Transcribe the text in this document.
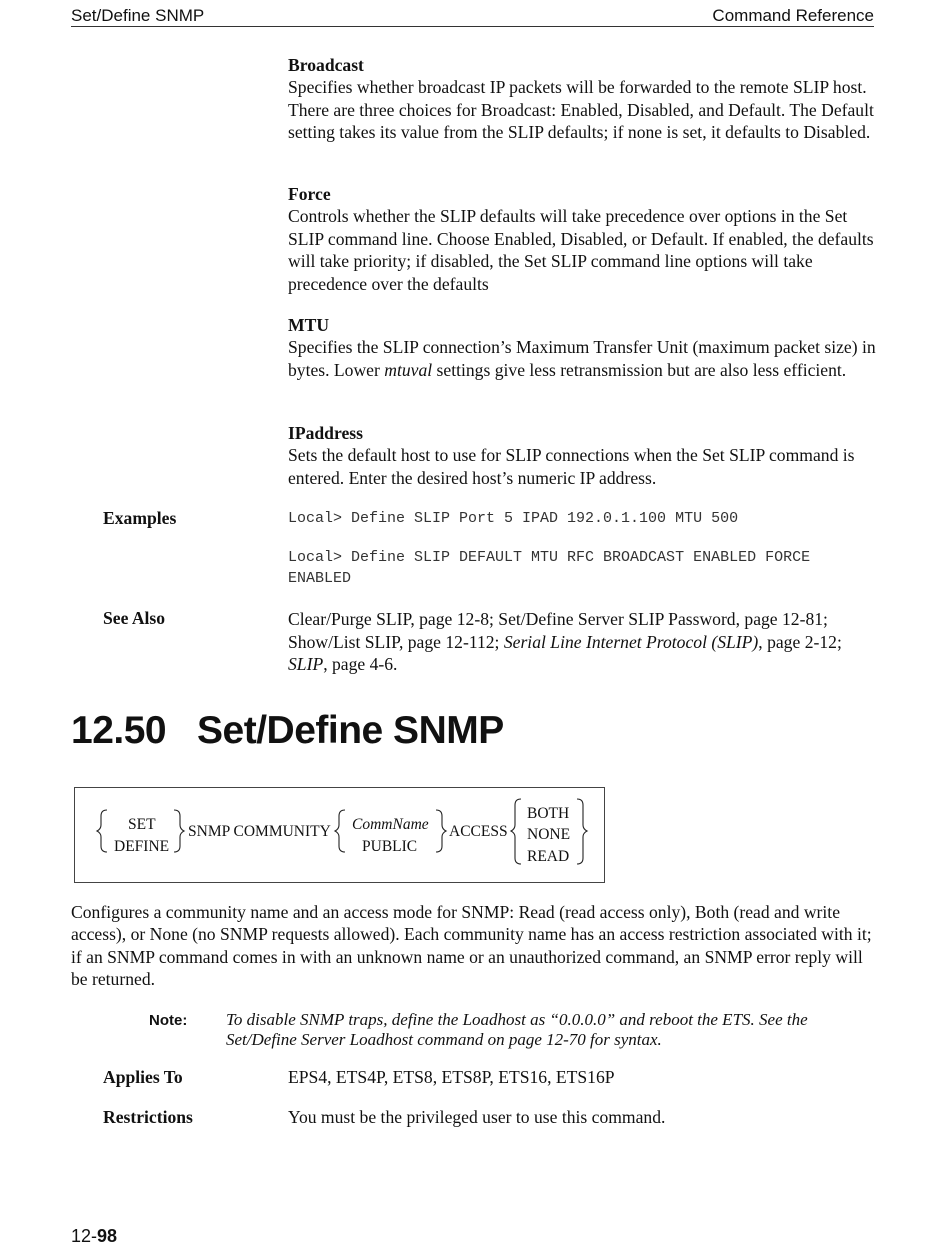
Set/Define SNMP	Command Reference
Broadcast

Specifies whether broadcast IP packets will be forwarded to the remote SLIP host. There are three choices for Broadcast: Enabled, Disabled, and Default. The Default setting takes its value from the SLIP defaults; if none is set, it defaults to Disabled.

Force

Controls whether the SLIP defaults will take precedence over options in the Set SLIP command line. Choose Enabled, Disabled, or Default. If enabled, the defaults will take priority; if disabled, the Set SLIP command line options will take precedence over the defaults

MTU

Specifies the SLIP connection’s Maximum Transfer Unit (maximum packet size) in bytes. Lower mtuval settings give less retransmission but are also less efficient.

IPaddress

Sets the default host to use for SLIP connections when the Set SLIP command is entered. Enter the desired host’s numeric IP address.

Examples	Local> Define SLIP Port 5 IPAD 192.0.1.100 MTU 500
Local> Define SLIP DEFAULT MTU RFC BROADCAST ENABLED FORCE
ENABLED
See Also	Clear/Purge SLIP, page 12-8; Set/Define Server SLIP Password, page 12-81; Show/List SLIP, page 12-112; Serial Line Internet Protocol (SLIP), page 2-12; SLIP, page 4-6.
12.50 Set/Define SNMP
SET
DEFINE
SNMP COMMUNITY CommName
PUBLIC
ACCESS
BOTH
NONE
READ

Configures a community name and an access mode for SNMP: Read (read access only), Both (read and write access), or None (no SNMP requests allowed). Each community name has an access restriction associated with it; if an SNMP command comes in with an unknown name or an unauthorized command, an SNMP error reply will be returned.

Note: To disable SNMP traps, define the Loadhost as “0.0.0.0” and reboot the ETS. See the Set/Define Server Loadhost command on page 12-70 for syntax.

Applies To	EPS4, ETS4P, ETS8, ETS8P, ETS16, ETS16P
Restrictions	You must be the privileged user to use this command.
12-98
